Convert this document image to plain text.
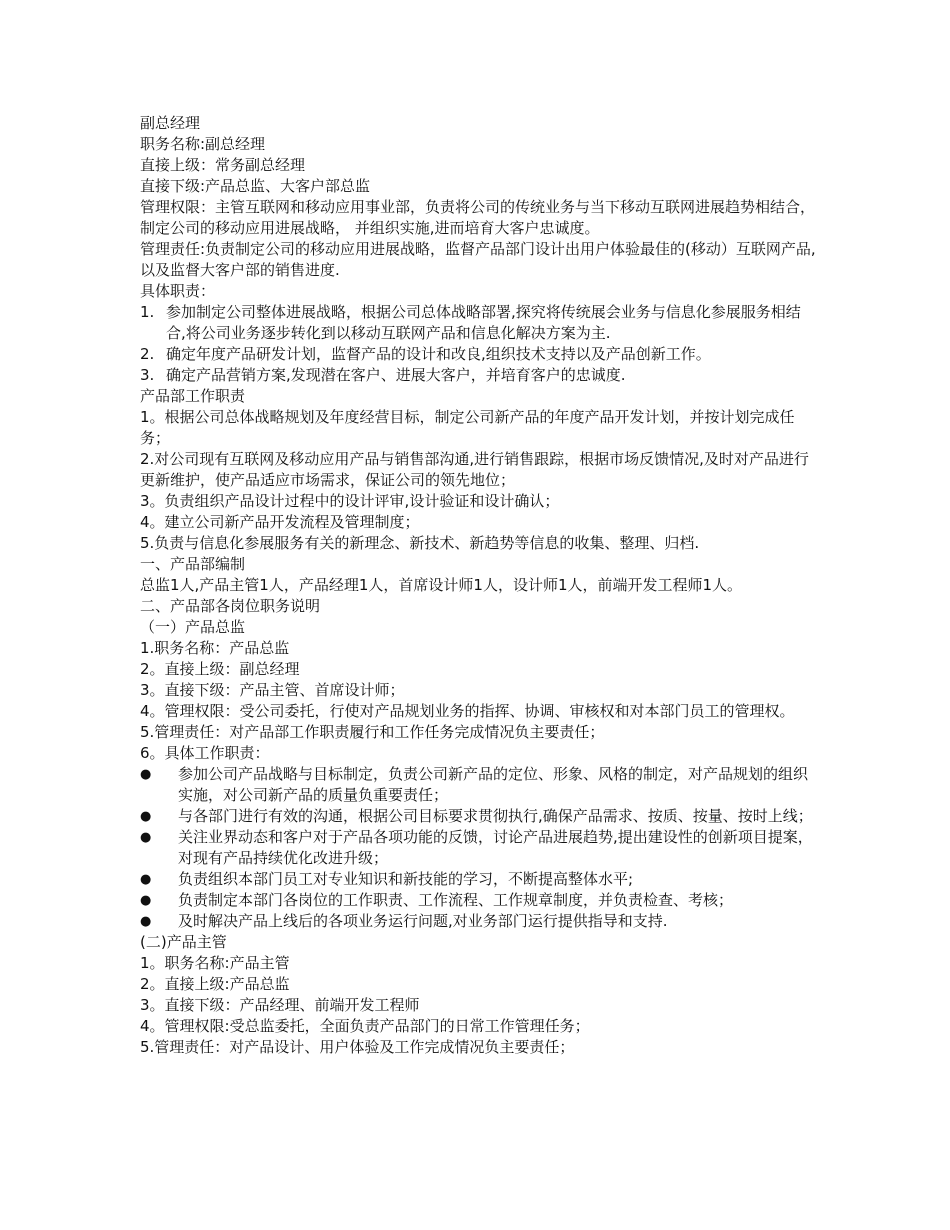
副总经理
职务名称:副总经理
直接上级：常务副总经理
直接下级:产品总监、大客户部总监
管理权限：主管互联网和移动应用事业部，负责将公司的传统业务与当下移动互联网进展趋势相结合，制定公司的移动应用进展战略， 并组织实施,进而培育大客户忠诚度。
管理责任:负责制定公司的移动应用进展战略，监督产品部门设计出用户体验最佳的(移动）互联网产品,以及监督大客户部的销售进度.
具体职责：
1. 参加制定公司整体进展战略，根据公司总体战略部署,探究将传统展会业务与信息化参展服务相结合,将公司业务逐步转化到以移动互联网产品和信息化解决方案为主.
2. 确定年度产品研发计划，监督产品的设计和改良,组织技术支持以及产品创新工作。
3. 确定产品营销方案,发现潜在客户、进展大客户，并培育客户的忠诚度.
产品部工作职责
1。根据公司总体战略规划及年度经营目标，制定公司新产品的年度产品开发计划，并按计划完成任务；
2.对公司现有互联网及移动应用产品与销售部沟通,进行销售跟踪，根据市场反馈情况,及时对产品进行更新维护，使产品适应市场需求，保证公司的领先地位；
3。负责组织产品设计过程中的设计评审,设计验证和设计确认；
4。建立公司新产品开发流程及管理制度；
5.负责与信息化参展服务有关的新理念、新技术、新趋势等信息的收集、整理、归档.
一、产品部编制
总监1人,产品主管1人，产品经理1人，首席设计师1人，设计师1人，前端开发工程师1人。
二、产品部各岗位职务说明
（一）产品总监
1.职务名称：产品总监
2。直接上级：副总经理
3。直接下级：产品主管、首席设计师；
4。管理权限：受公司委托，行使对产品规划业务的指挥、协调、审核权和对本部门员工的管理权。
5.管理责任：对产品部工作职责履行和工作任务完成情况负主要责任；
6。具体工作职责：
●	参加公司产品战略与目标制定，负责公司新产品的定位、形象、风格的制定，对产品规划的组织实施，对公司新产品的质量负重要责任；
●	与各部门进行有效的沟通，根据公司目标要求贯彻执行,确保产品需求、按质、按量、按时上线；
●	关注业界动态和客户对于产品各项功能的反馈，讨论产品进展趋势,提出建设性的创新项目提案，对现有产品持续优化改进升级；
●	负责组织本部门员工对专业知识和新技能的学习，不断提高整体水平;
●	负责制定本部门各岗位的工作职责、工作流程、工作规章制度，并负责检查、考核；
●	及时解决产品上线后的各项业务运行问题,对业务部门运行提供指导和支持.
(二)产品主管
1。职务名称:产品主管
2。直接上级:产品总监
3。直接下级：产品经理、前端开发工程师
4。管理权限:受总监委托，全面负责产品部门的日常工作管理任务；
5.管理责任：对产品设计、用户体验及工作完成情况负主要责任；
